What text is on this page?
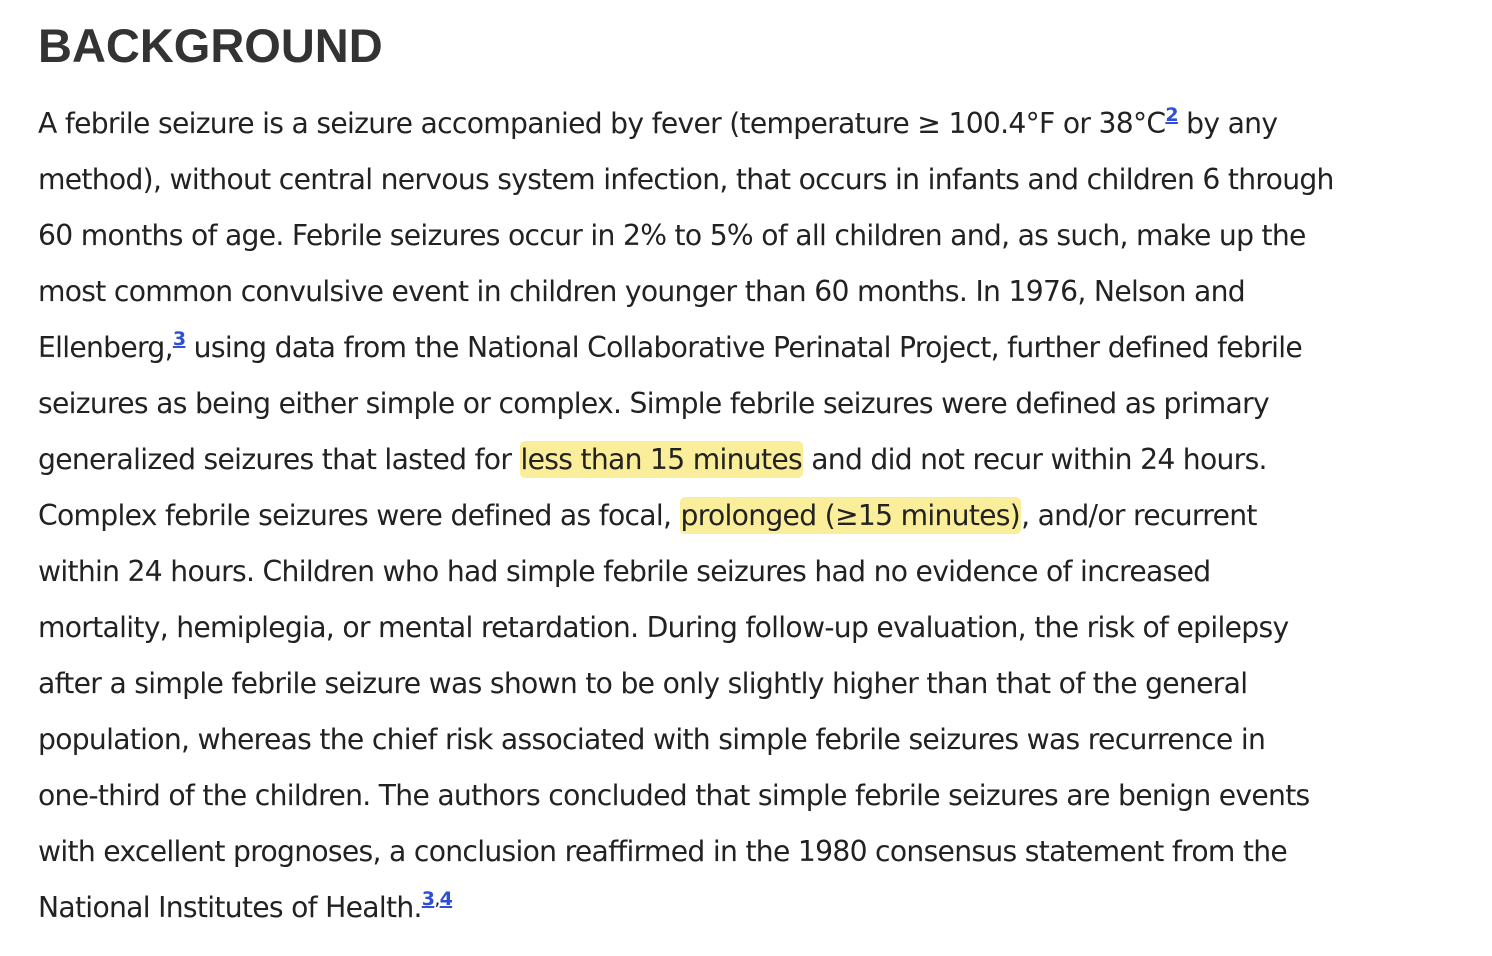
BACKGROUND

A febrile seizure is a seizure accompanied by fever (temperature ≥ 100.4°F or 38°C$^2$ by any
method), without central nervous system infection, that occurs in infants and children 6 through
60 months of age. Febrile seizures occur in 2% to 5% of all children and, as such, make up the
most common convulsive event in children younger than 60 months. In 1976, Nelson and
Ellenberg,$^3$ using data from the National Collaborative Perinatal Project, further defined febrile
seizures as being either simple or complex. Simple febrile seizures were defined as primary
generalized seizures that lasted for less than 15 minutes and did not recur within 24 hours.
Complex febrile seizures were defined as focal, prolonged (≥15 minutes), and/or recurrent
within 24 hours. Children who had simple febrile seizures had no evidence of increased
mortality, hemiplegia, or mental retardation. During follow-up evaluation, the risk of epilepsy
after a simple febrile seizure was shown to be only slightly higher than that of the general
population, whereas the chief risk associated with simple febrile seizures was recurrence in
one-third of the children. The authors concluded that simple febrile seizures are benign events
with excellent prognoses, a conclusion reaffirmed in the 1980 consensus statement from the
National Institutes of Health.$^{3,4}$
